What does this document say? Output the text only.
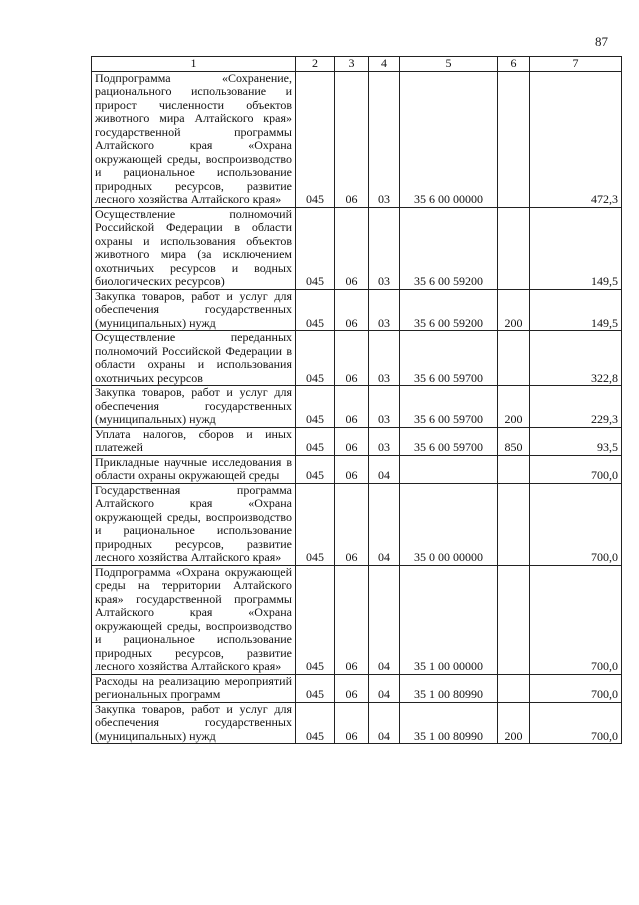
87
1	2	3	4	5	6	7
Подпрограмма «Сохранение, рационального использование и прирост численности объектов животного мира Алтайского края» государственной программы Алтайского края «Охрана окружающей среды, воспроизводство и рациональное использование природных ресурсов, развитие лесного хозяйства Алтайского края»	045	06	03	35 6 00 00000		472,3
Осуществление полномочий Российской Федерации в области охраны и использования объектов животного мира (за исключением охотничьих ресурсов и водных биологических ресурсов)	045	06	03	35 6 00 59200		149,5
Закупка товаров, работ и услуг для обеспечения государственных (муниципальных) нужд	045	06	03	35 6 00 59200	200	149,5
Осуществление переданных полномочий Российской Федерации в области охраны и использования охотничьих ресурсов	045	06	03	35 6 00 59700		322,8
Закупка товаров, работ и услуг для обеспечения государственных (муниципальных) нужд	045	06	03	35 6 00 59700	200	229,3
Уплата налогов, сборов и иных платежей	045	06	03	35 6 00 59700	850	93,5
Прикладные научные исследования в области охраны окружающей среды	045	06	04			700,0
Государственная программа Алтайского края «Охрана окружающей среды, воспроизводство и рациональное использование природных ресурсов, развитие лесного хозяйства Алтайского края»	045	06	04	35 0 00 00000		700,0
Подпрограмма «Охрана окружающей среды на территории Алтайского края» государственной программы Алтайского края «Охрана окружающей среды, воспроизводство и рациональное использование природных ресурсов, развитие лесного хозяйства Алтайского края»	045	06	04	35 1 00 00000		700,0
Расходы на реализацию мероприятий региональных программ	045	06	04	35 1 00 80990		700,0
Закупка товаров, работ и услуг для обеспечения государственных (муниципальных) нужд	045	06	04	35 1 00 80990	200	700,0
